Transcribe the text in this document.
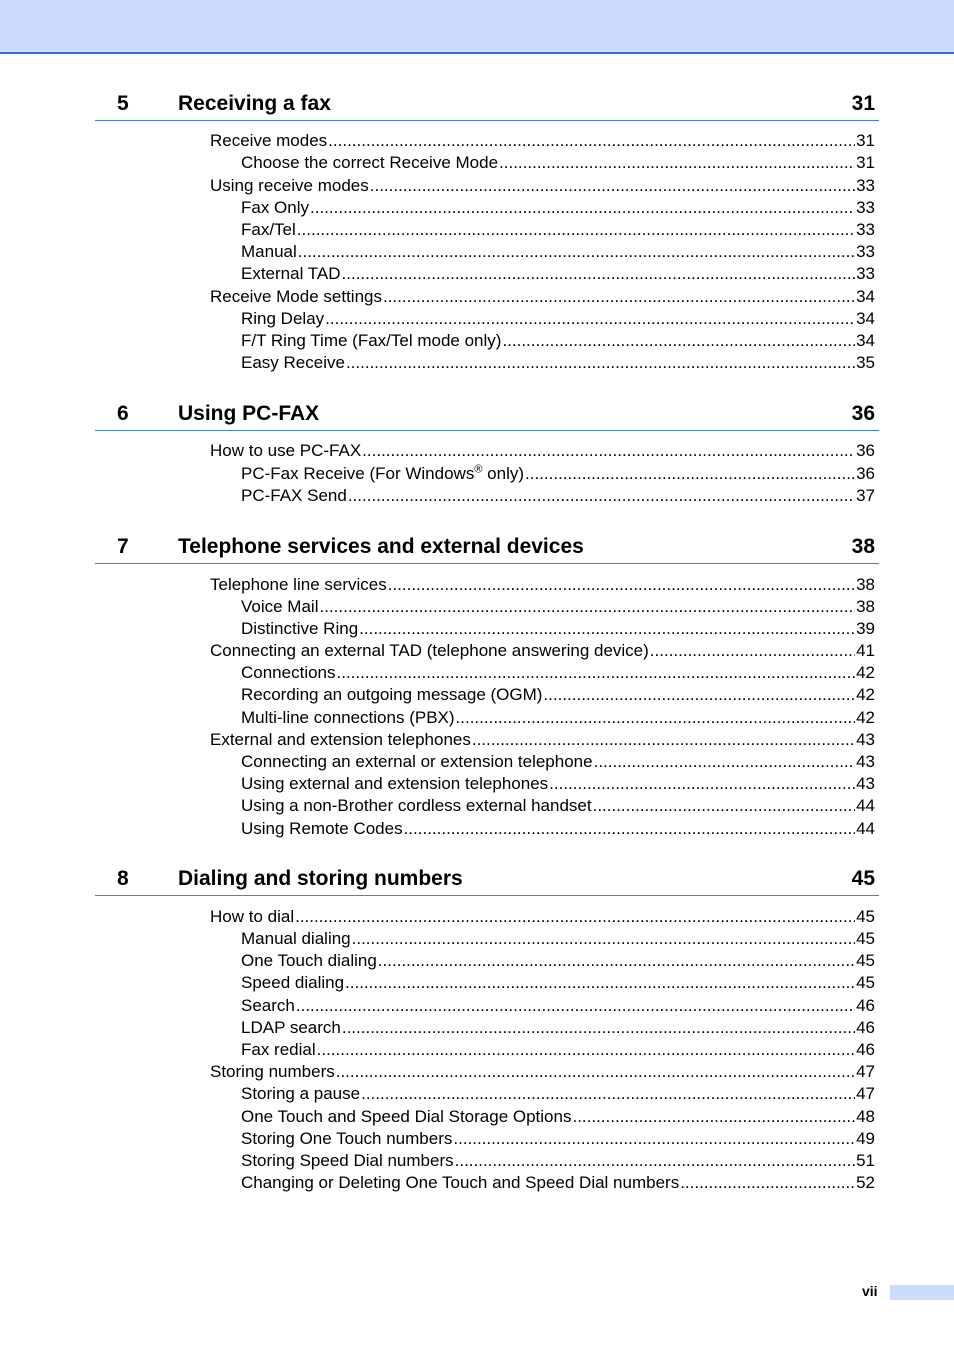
5 Receiving a fax	31
Receive modes .....	31
Choose the correct Receive Mode .....	31
Using receive modes .....	33
Fax Only .....	33
Fax/Tel .....	33
Manual .....	33
External TAD .....	33
Receive Mode settings .....	34
Ring Delay .....	34
F/T Ring Time (Fax/Tel mode only) .....	34
Easy Receive .....	35
6 Using PC-FAX	36
How to use PC-FAX .....	36
PC-Fax Receive (For Windows® only) .....	36
PC-FAX Send .....	37
7 Telephone services and external devices	38
Telephone line services .....	38
Voice Mail .....	38
Distinctive Ring .....	39
Connecting an external TAD (telephone answering device) .....	41
Connections .....	42
Recording an outgoing message (OGM) .....	42
Multi-line connections (PBX) .....	42
External and extension telephones .....	43
Connecting an external or extension telephone .....	43
Using external and extension telephones .....	43
Using a non-Brother cordless external handset .....	44
Using Remote Codes .....	44
8 Dialing and storing numbers	45
How to dial .....	45
Manual dialing .....	45
One Touch dialing .....	45
Speed dialing .....	45
Search .....	46
LDAP search .....	46
Fax redial .....	46
Storing numbers .....	47
Storing a pause .....	47
One Touch and Speed Dial Storage Options .....	48
Storing One Touch numbers .....	49
Storing Speed Dial numbers .....	51
Changing or Deleting One Touch and Speed Dial numbers .....	52
vii
